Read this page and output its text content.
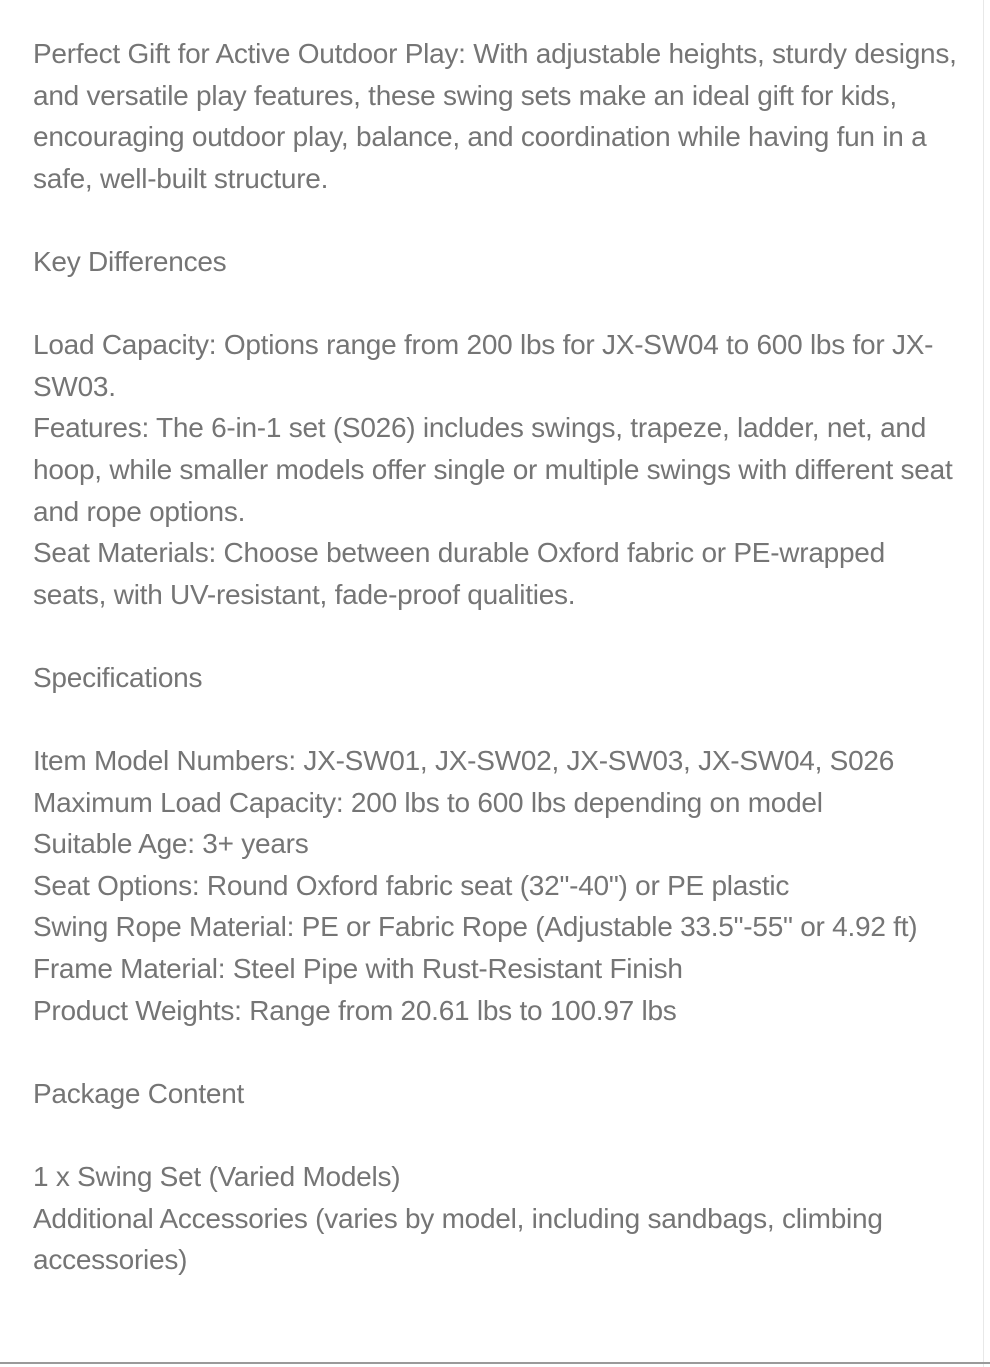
Perfect Gift for Active Outdoor Play: With adjustable heights, sturdy designs, and versatile play features, these swing sets make an ideal gift for kids, encouraging outdoor play, balance, and coordination while having fun in a safe, well-built structure.

Key Differences

Load Capacity: Options range from 200 lbs for JX-SW04 to 600 lbs for JX-SW03.

Features: The 6-in-1 set (S026) includes swings, trapeze, ladder, net, and hoop, while smaller models offer single or multiple swings with different seat and rope options.

Seat Materials: Choose between durable Oxford fabric or PE-wrapped seats, with UV-resistant, fade-proof qualities.

Specifications

Item Model Numbers: JX-SW01, JX-SW02, JX-SW03, JX-SW04, S026

Maximum Load Capacity: 200 lbs to 600 lbs depending on model

Suitable Age: 3+ years

Seat Options: Round Oxford fabric seat (32"-40") or PE plastic

Swing Rope Material: PE or Fabric Rope (Adjustable 33.5"-55" or 4.92 ft)

Frame Material: Steel Pipe with Rust-Resistant Finish

Product Weights: Range from 20.61 lbs to 100.97 lbs

Package Content

1 x Swing Set (Varied Models)

Additional Accessories (varies by model, including sandbags, climbing accessories)
